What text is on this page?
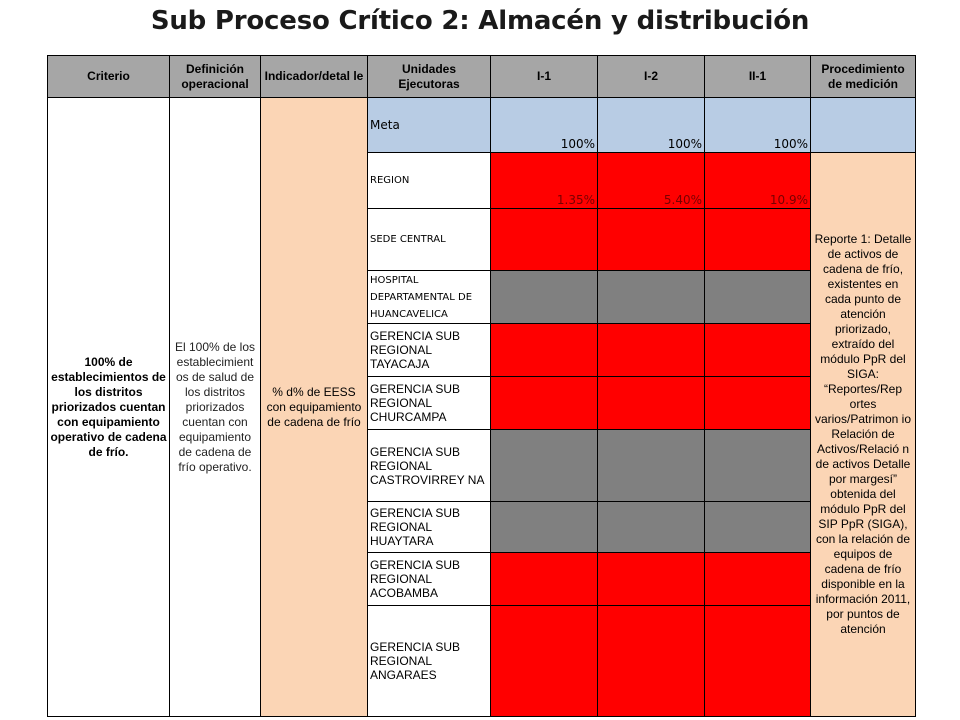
Sub Proceso Crítico 2: Almacén y distribución
Criterio	Definición operacional	Indicador/detal le	Unidades Ejecutoras	I-1	I-2	II-1	Procedimiento de medición
100% de establecimientos de los distritos priorizados cuentan con equipamiento operativo de cadena de frío.	El 100% de los establecimient os de salud de los distritos priorizados cuentan con equipamiento de cadena de frío operativo.	% d% de EESS con equipamiento de cadena de frío	Meta	100%	100%	100%	
			REGION	1.35%	5.40%	10.9%	Reporte 1: Detalle de activos de cadena de frío, existentes en cada punto de atención priorizado, extraído del módulo PpR del SIGA: “Reportes/Rep ortes varios/Patrimon io Relación de Activos/Relació n de activos Detalle por margesí” obtenida del módulo PpR del SIP PpR (SIGA), con la relación de equipos de cadena de frío disponible en la información 2011, por puntos de atención
			SEDE CENTRAL				
			HOSPITAL DEPARTAMENTAL DE HUANCAVELICA				
			GERENCIA SUB REGIONAL TAYACAJA				
			GERENCIA SUB REGIONAL CHURCAMPA				
			GERENCIA SUB REGIONAL CASTROVIRREY NA				
			GERENCIA SUB REGIONAL HUAYTARA				
			GERENCIA SUB REGIONAL ACOBAMBA				
			GERENCIA SUB REGIONAL ANGARAES				
